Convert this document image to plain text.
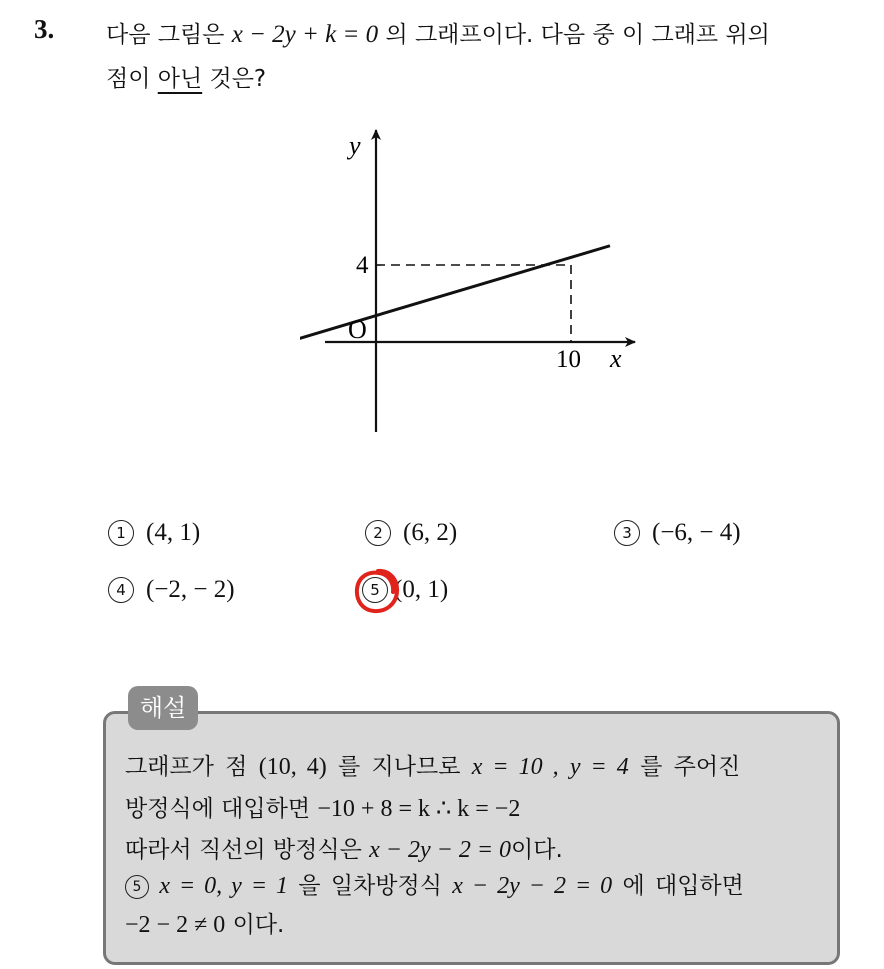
3. 다음 그림은 x − 2y + k = 0 의 그래프이다. 다음 중 이 그래프 위의
점이 아닌 것은?
y
x
O
4
10
1 (4, 1)	2 (6, 2)	3 (−6, − 4)
4 (−2, − 2)	5 (0, 1)
해설
그래프가 점 (10, 4) 를 지나므로 x = 10 , y = 4 를 주어진
방정식에 대입하면 −10 + 8 = k ∴ k = −2
따라서 직선의 방정식은 x − 2y − 2 = 0이다.
5 x = 0, y = 1 을 일차방정식 x − 2y − 2 = 0 에 대입하면
−2 − 2 ≠ 0 이다.
